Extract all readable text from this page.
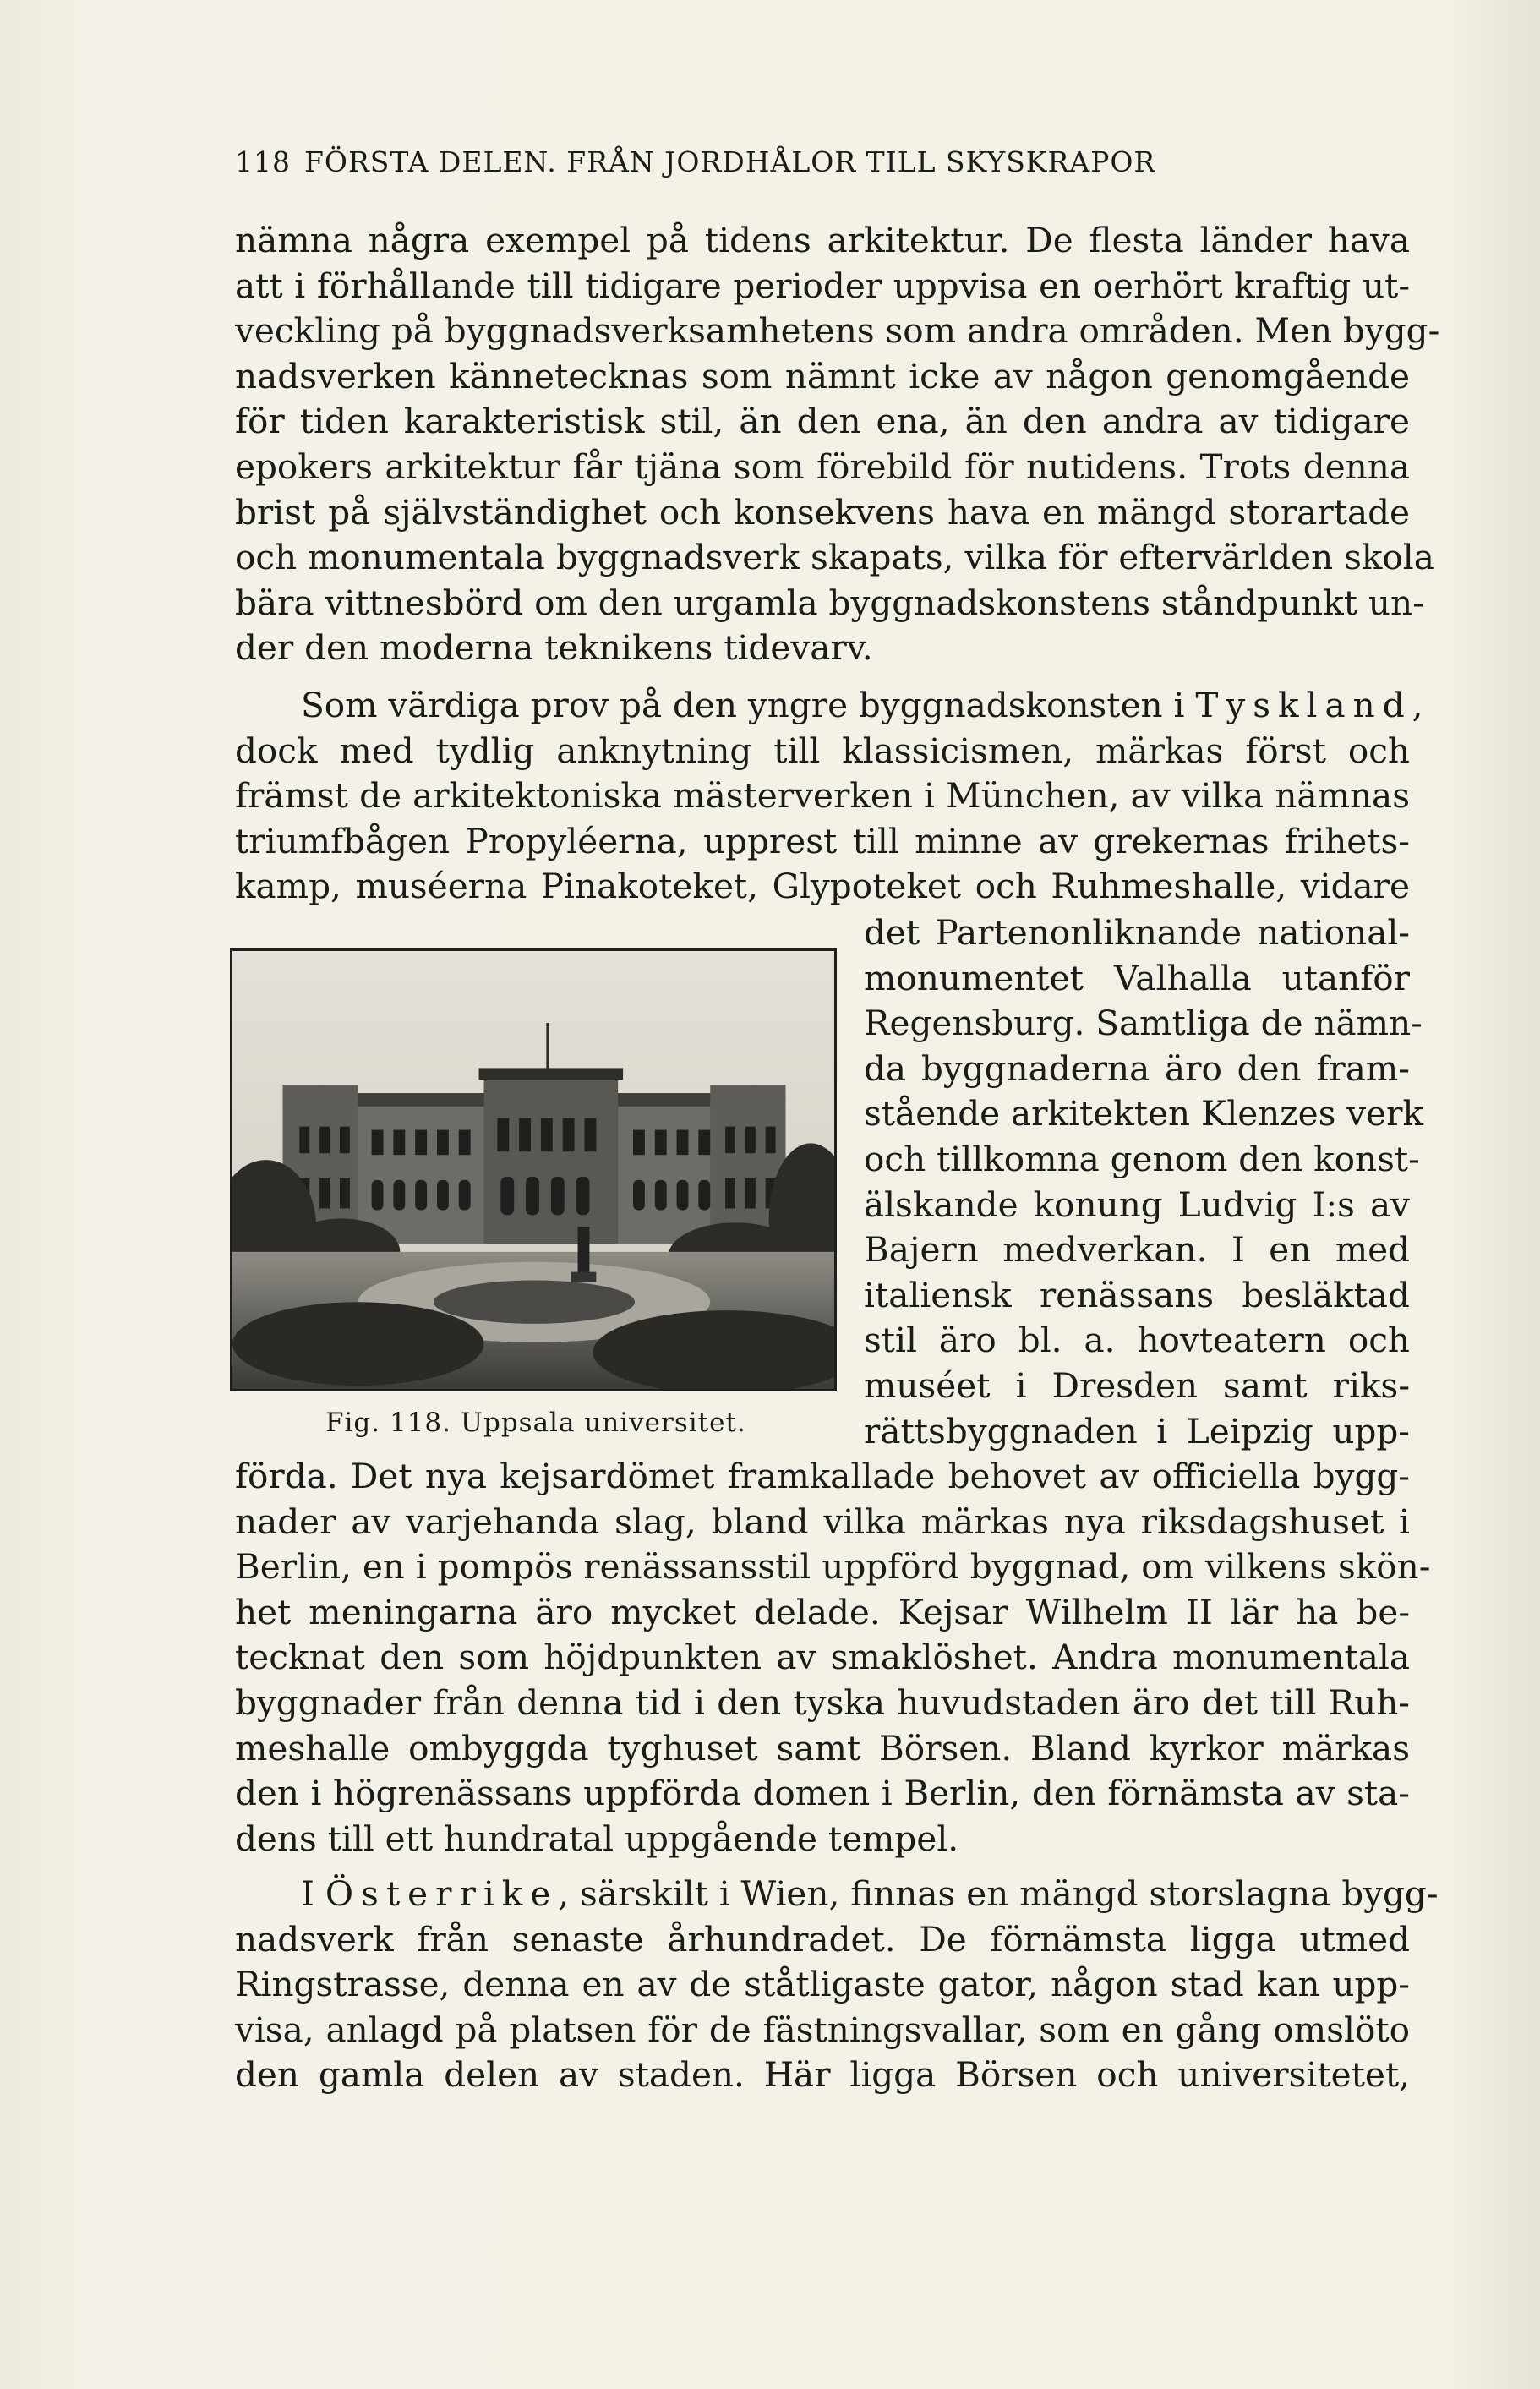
118 FÖRSTA DELEN. FRÅN JORDHÅLOR TILL SKYSKRAPOR
nämna några exempel på tidens arkitektur. De flesta länder hava
att i förhållande till tidigare perioder uppvisa en oerhört kraftig ut-
veckling på byggnadsverksamhetens som andra områden. Men bygg-
nadsverken kännetecknas som nämnt icke av någon genomgående
för tiden karakteristisk stil, än den ena, än den andra av tidigare
epokers arkitektur får tjäna som förebild för nutidens. Trots denna
brist på självständighet och konsekvens hava en mängd storartade
och monumentala byggnadsverk skapats, vilka för eftervärlden skola
bära vittnesbörd om den urgamla byggnadskonstens ståndpunkt un-
der den moderna teknikens tidevarv.
Som värdiga prov på den yngre byggnadskonsten i Tyskland,
dock med tydlig anknytning till klassicismen, märkas först och
främst de arkitektoniska mästerverken i München, av vilka nämnas
triumfbågen Propyléerna, upprest till minne av grekernas frihets-
kamp, muséerna Pinakoteket, Glypoteket och Ruhmeshalle, vidare
Fig. 118. Uppsala universitet.
det Partenonliknande national-
monumentet Valhalla utanför
Regensburg. Samtliga de nämn-
da byggnaderna äro den fram-
stående arkitekten Klenzes verk
och tillkomna genom den konst-
älskande konung Ludvig I:s av
Bajern medverkan. I en med
italiensk renässans besläktad
stil äro bl. a. hovteatern och
muséet i Dresden samt riks-
rättsbyggnaden i Leipzig upp-
förda. Det nya kejsardömet framkallade behovet av officiella bygg-
nader av varjehanda slag, bland vilka märkas nya riksdagshuset i
Berlin, en i pompös renässansstil uppförd byggnad, om vilkens skön-
het meningarna äro mycket delade. Kejsar Wilhelm II lär ha be-
tecknat den som höjdpunkten av smaklöshet. Andra monumentala
byggnader från denna tid i den tyska huvudstaden äro det till Ruh-
meshalle ombyggda tyghuset samt Börsen. Bland kyrkor märkas
den i högrenässans uppförda domen i Berlin, den förnämsta av sta-
dens till ett hundratal uppgående tempel.
I Österrike, särskilt i Wien, finnas en mängd storslagna bygg-
nadsverk från senaste århundradet. De förnämsta ligga utmed
Ringstrasse, denna en av de ståtligaste gator, någon stad kan upp-
visa, anlagd på platsen för de fästningsvallar, som en gång omslöto
den gamla delen av staden. Här ligga Börsen och universitetet,
